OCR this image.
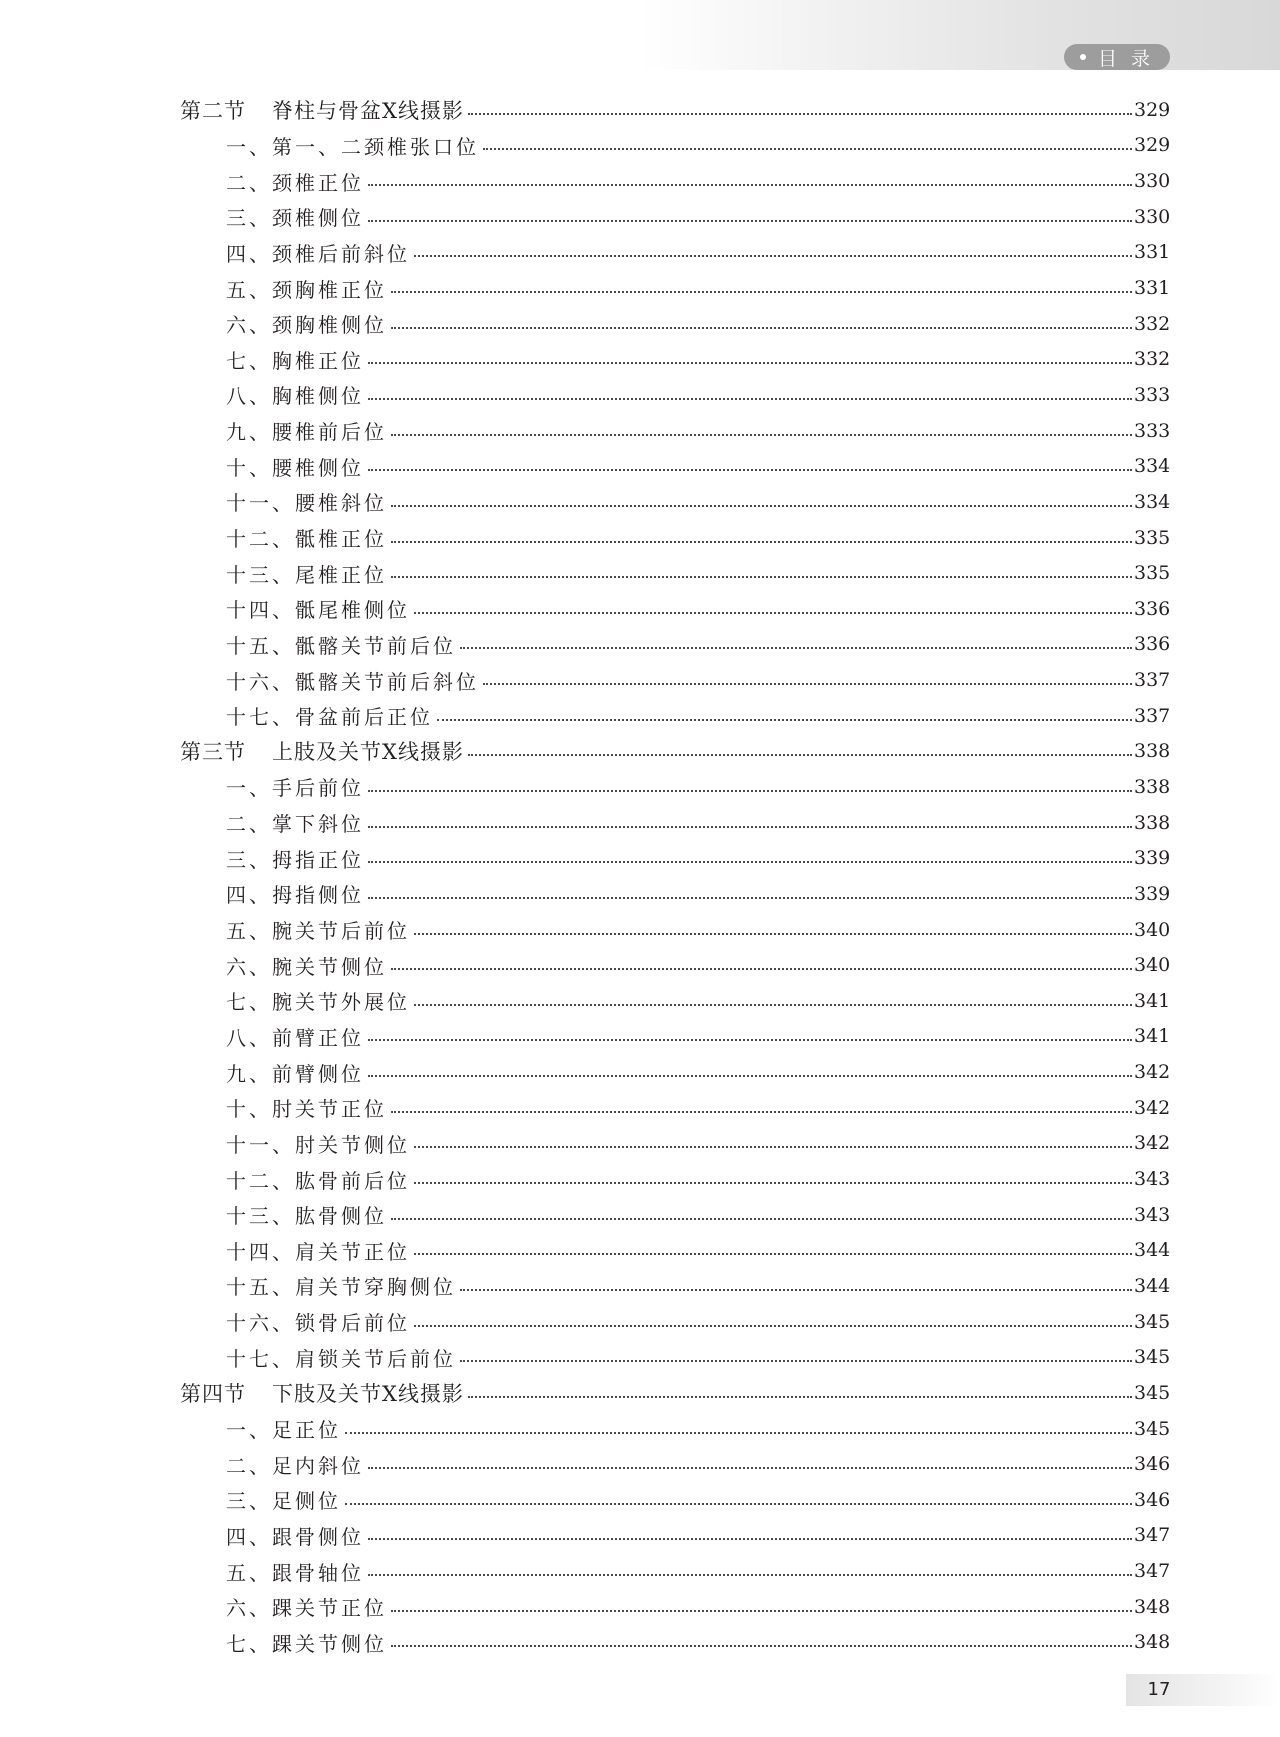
目录
第二节 脊柱与骨盆X线摄影	329
一、第一、二颈椎张口位	329
二、颈椎正位	330
三、颈椎侧位	330
四、颈椎后前斜位	331
五、颈胸椎正位	331
六、颈胸椎侧位	332
七、胸椎正位	332
八、胸椎侧位	333
九、腰椎前后位	333
十、腰椎侧位	334
十一、腰椎斜位	334
十二、骶椎正位	335
十三、尾椎正位	335
十四、骶尾椎侧位	336
十五、骶髂关节前后位	336
十六、骶髂关节前后斜位	337
十七、骨盆前后正位	337
第三节 上肢及关节X线摄影	338
一、手后前位	338
二、掌下斜位	338
三、拇指正位	339
四、拇指侧位	339
五、腕关节后前位	340
六、腕关节侧位	340
七、腕关节外展位	341
八、前臂正位	341
九、前臂侧位	342
十、肘关节正位	342
十一、肘关节侧位	342
十二、肱骨前后位	343
十三、肱骨侧位	343
十四、肩关节正位	344
十五、肩关节穿胸侧位	344
十六、锁骨后前位	345
十七、肩锁关节后前位	345
第四节 下肢及关节X线摄影	345
一、足正位	345
二、足内斜位	346
三、足侧位	346
四、跟骨侧位	347
五、跟骨轴位	347
六、踝关节正位	348
七、踝关节侧位	348
17
